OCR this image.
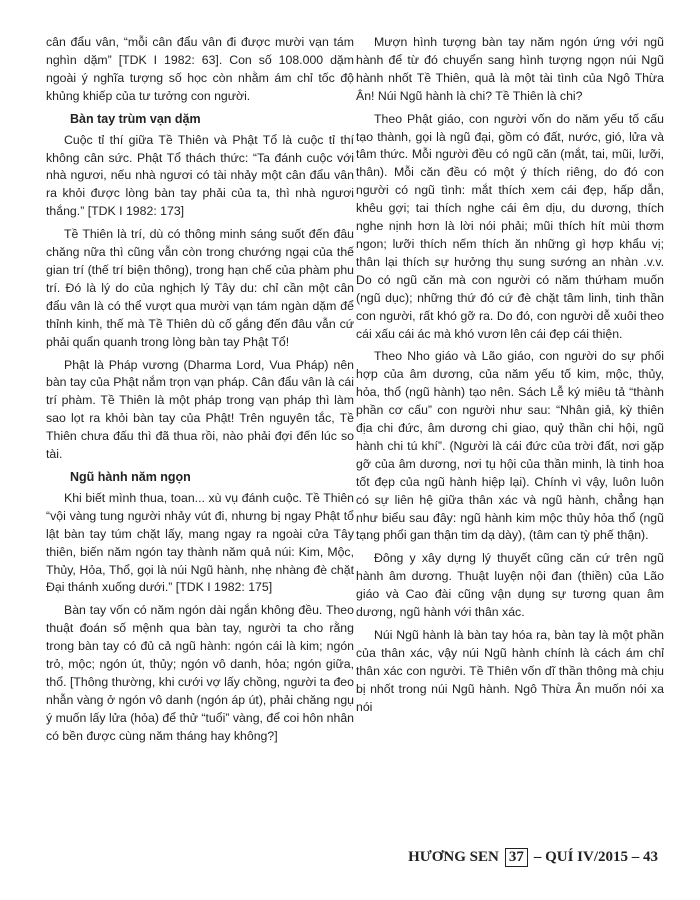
cân đẩu vân, “mỗi cân đẩu vân đi được mười vạn tám nghìn dặm” [TDK I 1982: 63]. Con số 108.000 dặm ngoài ý nghĩa tượng số học còn nhằm ám chỉ tốc độ khủng khiếp của tư tưởng con người.

Bàn tay trùm vạn dặm

Cuộc tỉ thí giữa Tề Thiên và Phật Tổ là cuộc tỉ thí không cân sức. Phật Tổ thách thức: “Ta đánh cuộc với nhà ngươi, nếu nhà ngươi có tài nhảy một cân đẩu vân ra khỏi được lòng bàn tay phải của ta, thì nhà ngươi thắng.” [TDK I 1982: 173]

Tề Thiên là trí, dù có thông minh sáng suốt đến đâu chăng nữa thì cũng vẫn còn trong chướng ngại của thế gian trí (thế trí biện thông), trong hạn chế của phàm phu trí. Đó là lý do của nghịch lý Tây du: chỉ cần một cân đẩu vân là có thể vượt qua mười vạn tám ngàn dặm để thỉnh kinh, thế mà Tề Thiên dù cố gắng đến đâu vẫn cứ phải quẩn quanh trong lòng bàn tay Phật Tổ!

Phật là Pháp vương (Dharma Lord, Vua Pháp) nên bàn tay của Phật nắm trọn vạn pháp. Cân đẩu vân là cái trí phàm. Tề Thiên là một pháp trong vạn pháp thì làm sao lọt ra khỏi bàn tay của Phật! Trên nguyên tắc, Tề Thiên chưa đấu thì đã thua rồi, nào phải đợi đến lúc so tài.

Ngũ hành năm ngọn

Khi biết mình thua, toan... xù vụ đánh cuộc. Tề Thiên “vội vàng tung người nhảy vút đi, nhưng bị ngay Phật tổ lật bàn tay túm chặt lấy, mang ngay ra ngoài cửa Tây thiên, biến năm ngón tay thành năm quả núi: Kim, Mộc, Thủy, Hỏa, Thổ, gọi là núi Ngũ hành, nhẹ nhàng đè chặt Đại thánh xuống dưới.” [TDK I 1982: 175]

Bàn tay vốn có năm ngón dài ngắn không đều. Theo thuật đoán số mệnh qua bàn tay, người ta cho rằng trong bàn tay có đủ cả ngũ hành: ngón cái là kim; ngón trỏ, mộc; ngón út, thủy; ngón vô danh, hỏa; ngón giữa, thổ. [Thông thường, khi cưới vợ lấy chồng, người ta đeo nhẫn vàng ở ngón vô danh (ngón áp út), phải chăng ngụ ý muốn lấy lửa (hỏa) để thử “tuổi” vàng, để coi hôn nhân có bền được cùng năm tháng hay không?]

Mượn hình tượng bàn tay năm ngón ứng với ngũ hành để từ đó chuyển sang hình tượng ngọn núi Ngũ hành nhốt Tề Thiên, quả là một tài tình của Ngô Thừa Ân! Núi Ngũ hành là chi? Tề Thiên là chi?

Theo Phật giáo, con người vốn do năm yếu tố cấu tạo thành, gọi là ngũ đại, gồm có đất, nước, gió, lửa và tâm thức. Mỗi người đều có ngũ căn (mắt, tai, mũi, lưỡi, thân). Mỗi căn đều có một ý thích riêng, do đó con người có ngũ tình: mắt thích xem cái đẹp, hấp dẫn, khêu gợi; tai thích nghe cái êm dịu, du dương, thích nghe nịnh hơn là lời nói phải; mũi thích hít mùi thơm ngon; lưỡi thích nếm thích ăn những gì hợp khẩu vị; thân lại thích sự hưởng thụ sung sướng an nhàn .v.v. Do có ngũ căn mà con người có năm thứham muốn (ngũ dục); những thứ đó cứ đè chặt tâm linh, tinh thần con người, rất khó gỡ ra. Do đó, con người dễ xuôi theo cái xấu cái ác mà khó vươn lên cái đẹp cái thiện.

Theo Nho giáo và Lão giáo, con người do sự phối hợp của âm dương, của năm yếu tố kim, mộc, thủy, hỏa, thổ (ngũ hành) tạo nên. Sách Lễ ký miêu tả “thành phần cơ cấu” con người như sau: “Nhân giả, kỳ thiên địa chi đức, âm dương chi giao, quỷ thần chi hội, ngũ hành chi tú khí”. (Người là cái đức của trời đất, nơi gặp gỡ của âm dương, nơi tụ hội của thần minh, là tinh hoa tốt đẹp của ngũ hành hiệp lại). Chính vì vậy, luôn luôn có sự liên hệ giữa thân xác và ngũ hành, chẳng hạn như biểu sau đây: ngũ hành kim mộc thủy hỏa thổ (ngũ tạng phổi gan thận tim dạ dày), (tâm can tỳ phế thận).

Đông y xây dựng lý thuyết cũng căn cứ trên ngũ hành âm dương. Thuật luyện nội đan (thiền) của Lão giáo và Cao đài cũng vận dụng sự tương quan âm dương, ngũ hành với thân xác.

Núi Ngũ hành là bàn tay hóa ra, bàn tay là một phần của thân xác, vậy núi Ngũ hành chính là cách ám chỉ thân xác con người. Tề Thiên vốn dĩ thần thông mà chịu bị nhốt trong núi Ngũ hành. Ngô Thừa Ân muốn nói xa nói

HƯƠNG SEN 37 – QUÍ IV/2015 – 43
